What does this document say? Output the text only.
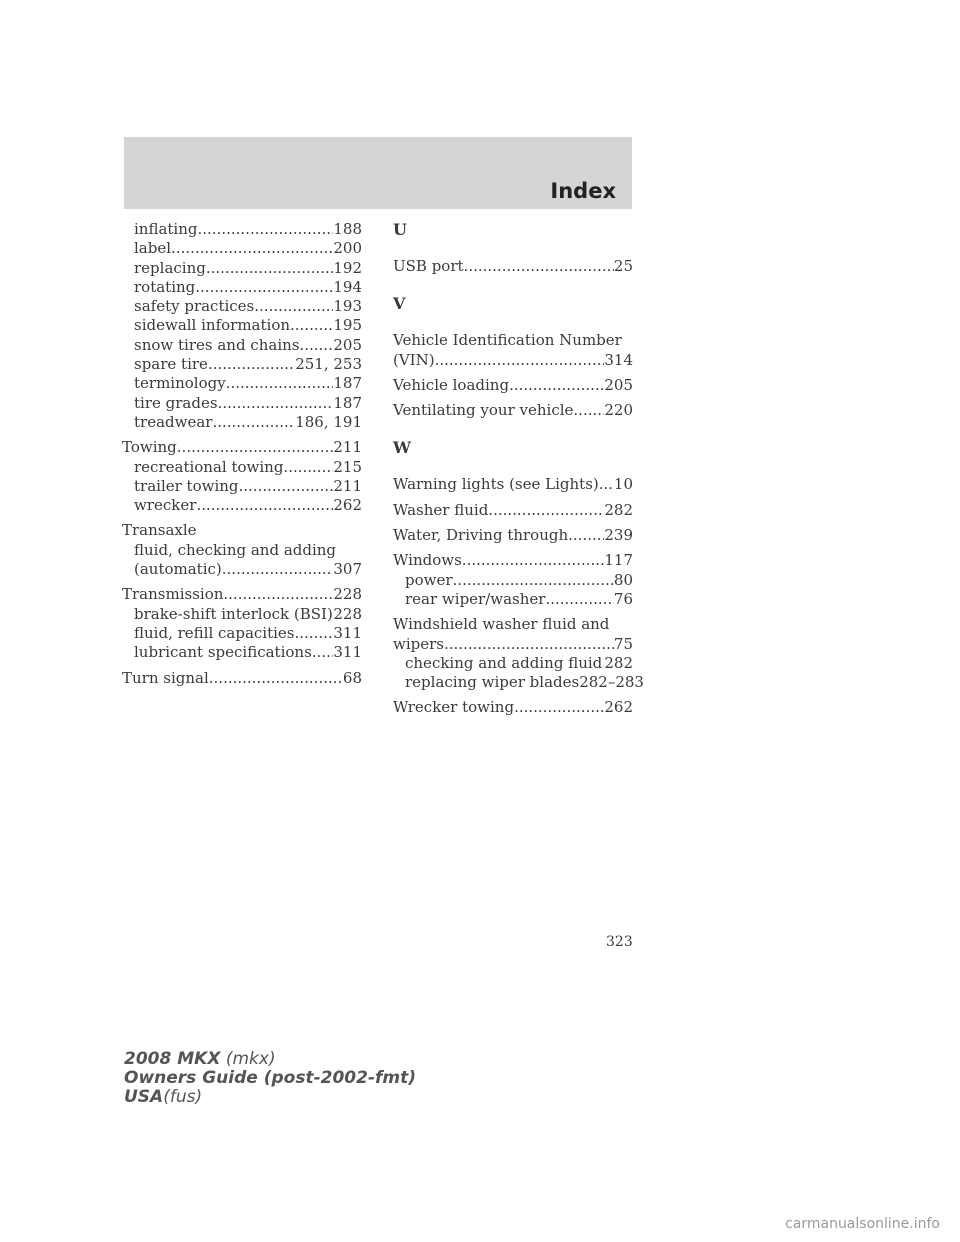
Index
inflating .....	188
label .....	200
replacing .....	192
rotating .....	194
safety practices .....	193
sidewall information .....	195
snow tires and chains ..... 205
spare tire .....	251, 253
terminology .....	187
tire grades .....	187
treadwear .....	186, 191
Towing .....	211
recreational towing .....	215
trailer towing .....	211
wrecker .....	262
Transaxle
fluid, checking and adding
(automatic) .....	307
Transmission .....	228
brake-shift interlock (BSI) ..... 228
fluid, refill capacities .....	311
lubricant specifications ..... 311
Turn signal .....	68
U
USB port .....	25
V
Vehicle Identification Number
(VIN) .....	314
Vehicle loading .....	205
Ventilating your vehicle ..... 220
W
Warning lights (see Lights) ..... 10
Washer fluid .....	282
Water, Driving through ..... 239
Windows .....	117
power .....	80
rear wiper/washer .....	76
Windshield washer fluid and
wipers .....	75
checking and adding fluid ..... 282
replacing wiper blades 282–283
Wrecker towing .....	262
323
2008 MKX (mkx)
Owners Guide (post-2002-fmt)
USA(fus)
carmanualsonline.info
